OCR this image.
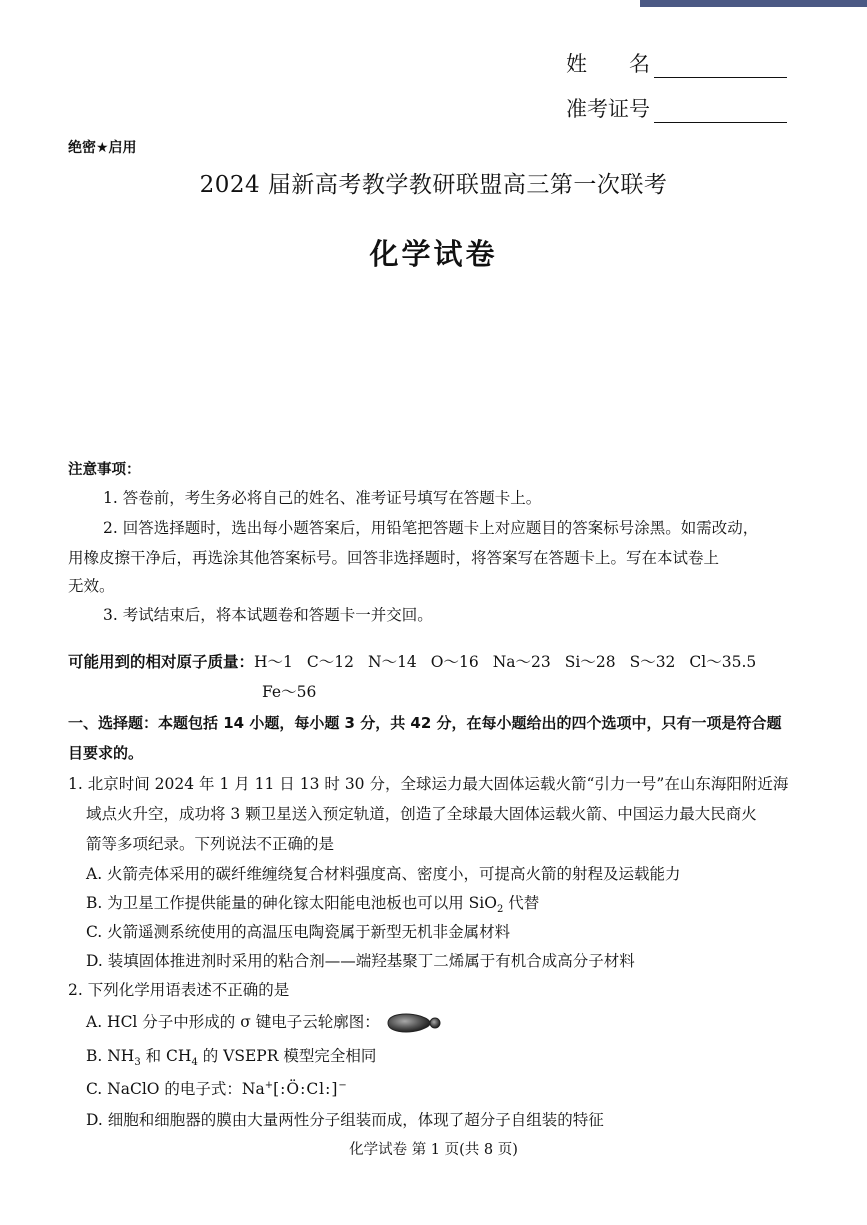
姓　　名
准考证号
绝密★启用
2024 届新高考教学教研联盟高三第一次联考
化学试卷
注意事项：
1. 答卷前，考生务必将自己的姓名、准考证号填写在答题卡上。
2. 回答选择题时，选出每小题答案后，用铅笔把答题卡上对应题目的答案标号涂黑。如需改动，
用橡皮擦干净后，再选涂其他答案标号。回答非选择题时，将答案写在答题卡上。写在本试卷上
无效。
3. 考试结束后，将本试题卷和答题卡一并交回。
可能用到的相对原子质量：H～1 C～12 N～14 O～16 Na～23 Si～28 S～32 Cl～35.5
Fe～56
一、选择题：本题包括 14 小题，每小题 3 分，共 42 分，在每小题给出的四个选项中，只有一项是符合题
目要求的。
1. 北京时间 2024 年 1 月 11 日 13 时 30 分，全球运力最大固体运载火箭“引力一号”在山东海阳附近海
域点火升空，成功将 3 颗卫星送入预定轨道，创造了全球最大固体运载火箭、中国运力最大民商火
箭等多项纪录。下列说法不正确的是
A. 火箭壳体采用的碳纤维缠绕复合材料强度高、密度小，可提高火箭的射程及运载能力
B. 为卫星工作提供能量的砷化镓太阳能电池板也可以用 SiO$_2$ 代替
C. 火箭遥测系统使用的高温压电陶瓷属于新型无机非金属材料
D. 装填固体推进剂时采用的粘合剂——端羟基聚丁二烯属于有机合成高分子材料
2. 下列化学用语表述不正确的是
A. HCl 分子中形成的 σ 键电子云轮廓图：
B. $NH_3$ 和 $CH_4$ 的 VSEPR 模型完全相同
C. NaClO 的电子式：Na+[:Ö:Cl:]−
D. 细胞和细胞器的膜由大量两性分子组装而成，体现了超分子自组装的特征
化学试卷 第 1 页(共 8 页)
